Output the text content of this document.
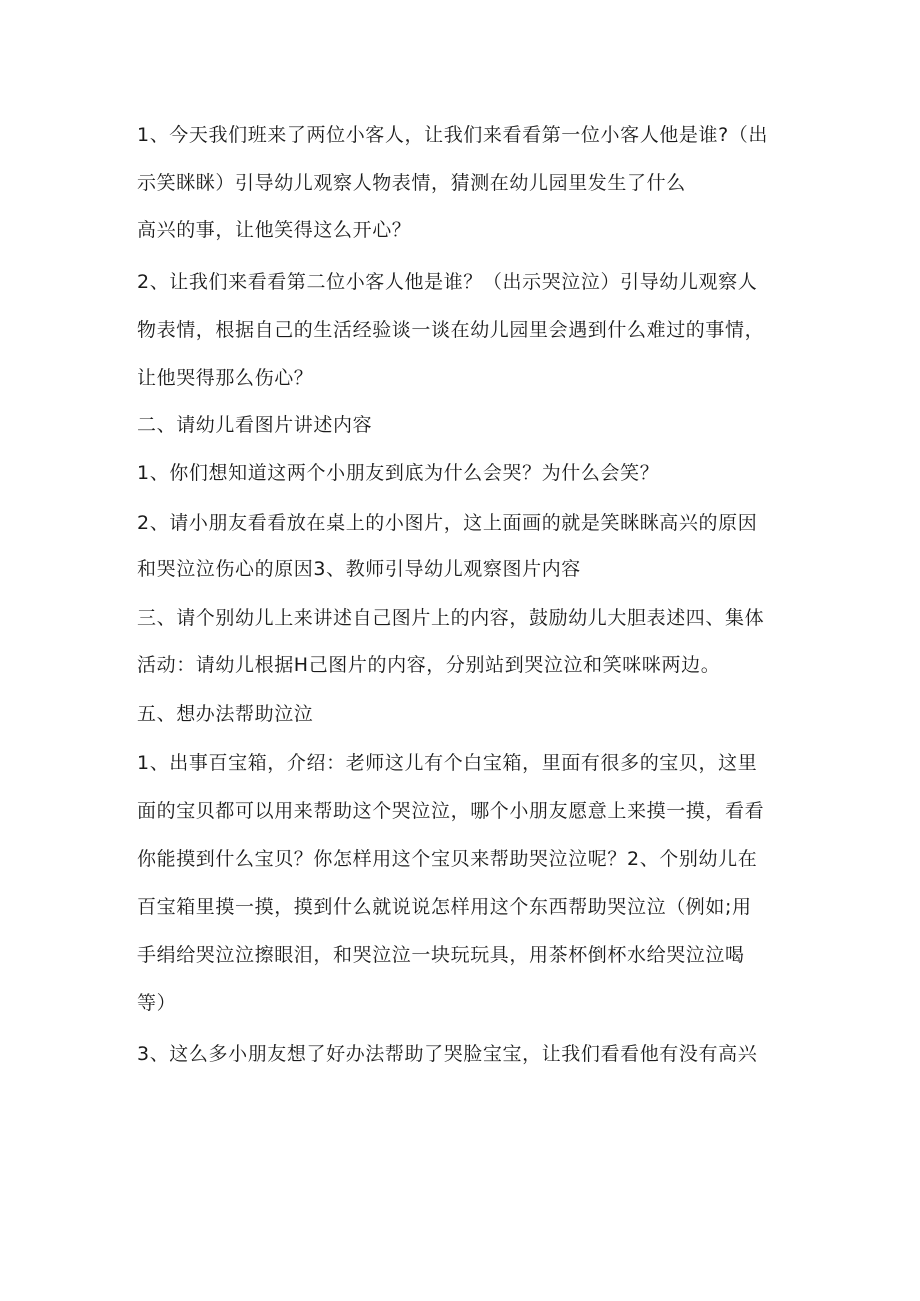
1、今天我们班来了两位小客人，让我们来看看第一位小客人他是谁?（出
示笑眯眯）引导幼儿观察人物表情，猜测在幼儿园里发生了什么
高兴的事，让他笑得这么开心？
2、让我们来看看第二位小客人他是谁？（出示哭泣泣）引导幼儿观察人
物表情，根据自己的生活经验谈一谈在幼儿园里会遇到什么难过的事情，
让他哭得那么伤心？
二、请幼儿看图片讲述内容
1、你们想知道这两个小朋友到底为什么会哭？为什么会笑？
2、请小朋友看看放在桌上的小图片，这上面画的就是笑眯眯高兴的原因
和哭泣泣伤心的原因3、教师引导幼儿观察图片内容
三、请个别幼儿上来讲述自己图片上的内容，鼓励幼儿大胆表述四、集体
活动：请幼儿根据H己图片的内容，分别站到哭泣泣和笑咪咪两边。
五、想办法帮助泣泣
1、出事百宝箱，介绍：老师这儿有个白宝箱，里面有很多的宝贝，这里
面的宝贝都可以用来帮助这个哭泣泣，哪个小朋友愿意上来摸一摸，看看
你能摸到什么宝贝？你怎样用这个宝贝来帮助哭泣泣呢？2、个别幼儿在
百宝箱里摸一摸，摸到什么就说说怎样用这个东西帮助哭泣泣（例如;用
手绢给哭泣泣擦眼泪，和哭泣泣一块玩玩具，用茶杯倒杯水给哭泣泣喝
等）
3、这么多小朋友想了好办法帮助了哭脸宝宝，让我们看看他有没有高兴
